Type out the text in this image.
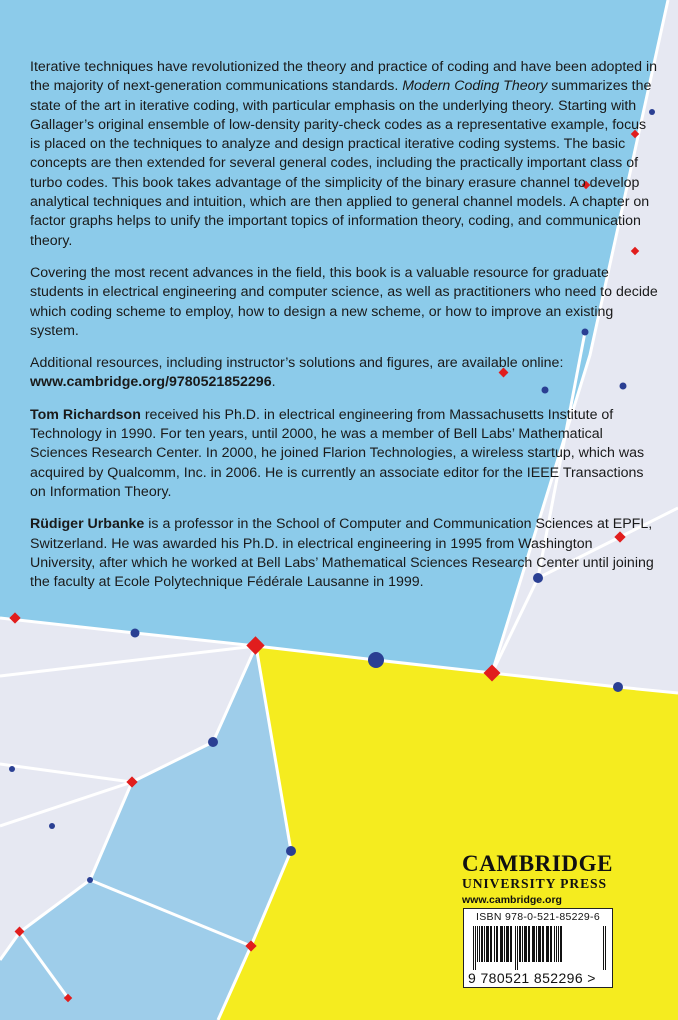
Iterative techniques have revolutionized the theory and practice of coding and have been adopted in the majority of next-generation communications standards. Modern Coding Theory summarizes the state of the art in iterative coding, with particular emphasis on the underlying theory. Starting with Gallager’s original ensemble of low-density parity-check codes as a representative example, focus is placed on the techniques to analyze and design practical iterative coding systems. The basic concepts are then extended for several general codes, including the practically important class of turbo codes. This book takes advantage of the simplicity of the binary erasure channel to develop analytical techniques and intuition, which are then applied to general channel models. A chapter on factor graphs helps to unify the important topics of information theory, coding, and communication theory.

Covering the most recent advances in the field, this book is a valuable resource for graduate students in electrical engineering and computer science, as well as practitioners who need to decide which coding scheme to employ, how to design a new scheme, or how to improve an existing system.

Additional resources, including instructor’s solutions and figures, are available online:
www.cambridge.org/9780521852296.

Tom Richardson received his Ph.D. in electrical engineering from Massachusetts Institute of Technology in 1990. For ten years, until 2000, he was a member of Bell Labs’ Mathematical Sciences Research Center. In 2000, he joined Flarion Technologies, a wireless startup, which was acquired by Qualcomm, Inc. in 2006. He is currently an associate editor for the IEEE Transactions on Information Theory.

Rüdiger Urbanke is a professor in the School of Computer and Communication Sciences at EPFL, Switzerland. He was awarded his Ph.D. in electrical engineering in 1995 from Washington University, after which he worked at Bell Labs’ Mathematical Sciences Research Center until joining the faculty at Ecole Polytechnique Fédérale Lausanne in 1999.

CAMBRIDGE
UNIVERSITY PRESS
www.cambridge.org
ISBN 978-0-521-85229-6
9 780521 852296 >
